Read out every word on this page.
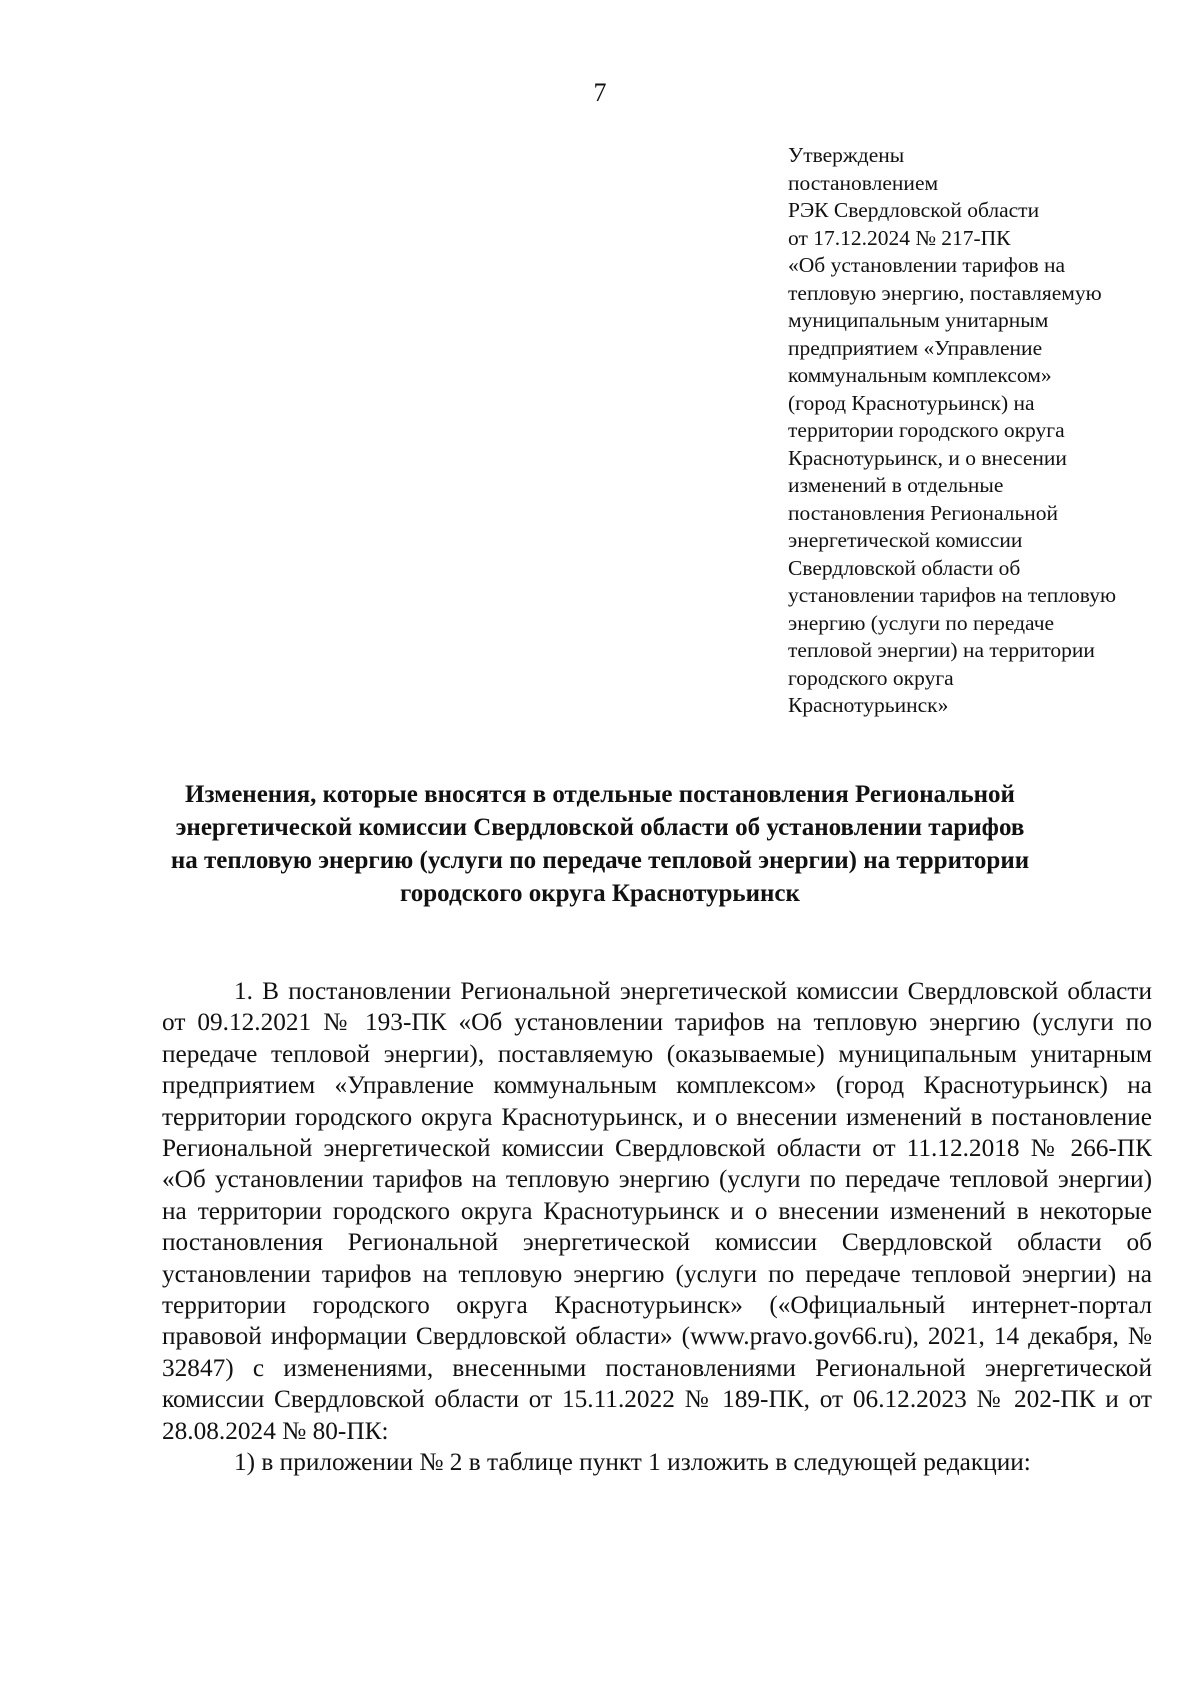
7
Утверждены
постановлением
РЭК Свердловской области
от 17.12.2024 № 217-ПК
«Об установлении тарифов на
тепловую энергию, поставляемую
муниципальным унитарным
предприятием «Управление
коммунальным комплексом»
(город Краснотурьинск) на
территории городского округа
Краснотурьинск, и о внесении
изменений в отдельные
постановления Региональной
энергетической комиссии
Свердловской области об
установлении тарифов на тепловую
энергию (услуги по передаче
тепловой энергии) на территории
городского округа
Краснотурьинск»
Изменения, которые вносятся в отдельные постановления Региональной
энергетической комиссии Свердловской области об установлении тарифов
на тепловую энергию (услуги по передаче тепловой энергии) на территории
городского округа Краснотурьинск

1. В постановлении Региональной энергетической комиссии Свердловской области от 09.12.2021 № 193-ПК «Об установлении тарифов на тепловую энергию (услуги по передаче тепловой энергии), поставляемую (оказываемые) муниципальным унитарным предприятием «Управление коммунальным комплексом» (город Краснотурьинск) на территории городского округа Краснотурьинск, и о внесении изменений в постановление Региональной энергетической комиссии Свердловской области от 11.12.2018 № 266-ПК «Об установлении тарифов на тепловую энергию (услуги по передаче тепловой энергии) на территории городского округа Краснотурьинск и о внесении изменений в некоторые постановления Региональной энергетической комиссии Свердловской области об установлении тарифов на тепловую энергию (услуги по передаче тепловой энергии) на территории городского округа Краснотурьинск» («Официальный интернет-портал правовой информации Свердловской области» (www.pravo.gov66.ru), 2021, 14 декабря, № 32847) с изменениями, внесенными постановлениями Региональной энергетической комиссии Свердловской области от 15.11.2022 № 189-ПК, от 06.12.2023 № 202-ПК и от 28.08.2024 № 80-ПК:

1) в приложении № 2 в таблице пункт 1 изложить в следующей редакции:
